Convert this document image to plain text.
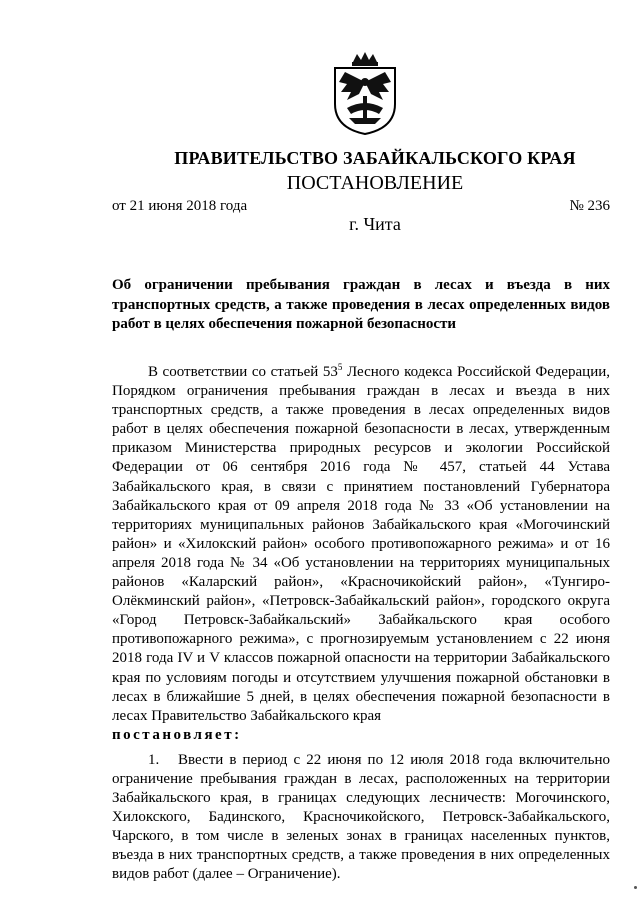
ПРАВИТЕЛЬСТВО ЗАБАЙКАЛЬСКОГО КРАЯ
ПОСТАНОВЛЕНИЕ
от 21 июня 2018 года	№ 236
г. Чита
Об ограничении пребывания граждан в лесах и въезда в них транспортных средств, а также проведения в лесах определенных видов работ в целях обеспечения пожарной безопасности

В соответствии со статьей $53^5$ Лесного кодекса Российской Федерации, Порядком ограничения пребывания граждан в лесах и въезда в них транспортных средств, а также проведения в лесах определенных видов работ в целях обеспечения пожарной безопасности в лесах, утвержденным приказом Министерства природных ресурсов и экологии Российской Федерации от 06 сентября 2016 года № 457, статьей 44 Устава Забайкальского края, в связи с принятием постановлений Губернатора Забайкальского края от 09 апреля 2018 года № 33 «Об установлении на территориях муниципальных районов Забайкальского края «Могочинский район» и «Хилокский район» особого противопожарного режима» и от 16 апреля 2018 года № 34 «Об установлении на территориях муниципальных районов «Каларский район», «Красночикойский район», «Тунгиро-Олёкминский район», «Петровск-Забайкальский район», городского округа «Город Петровск-Забайкальский» Забайкальского края особого противопожарного режима», с прогнозируемым установлением с 22 июня 2018 года IV и V классов пожарной опасности на территории Забайкальского края по условиям погоды и отсутствием улучшения пожарной обстановки в лесах в ближайшие 5 дней, в целях обеспечения пожарной безопасности в лесах Правительство Забайкальского края

постановляет:

1. Ввести в период с 22 июня по 12 июля 2018 года включительно ограничение пребывания граждан в лесах, расположенных на территории Забайкальского края, в границах следующих лесничеств: Могочинского, Хилокского, Бадинского, Красночикойского, Петровск-Забайкальского, Чарского, в том числе в зеленых зонах в границах населенных пунктов, въезда в них транспортных средств, а также проведения в них определенных видов работ (далее – Ограничение).
